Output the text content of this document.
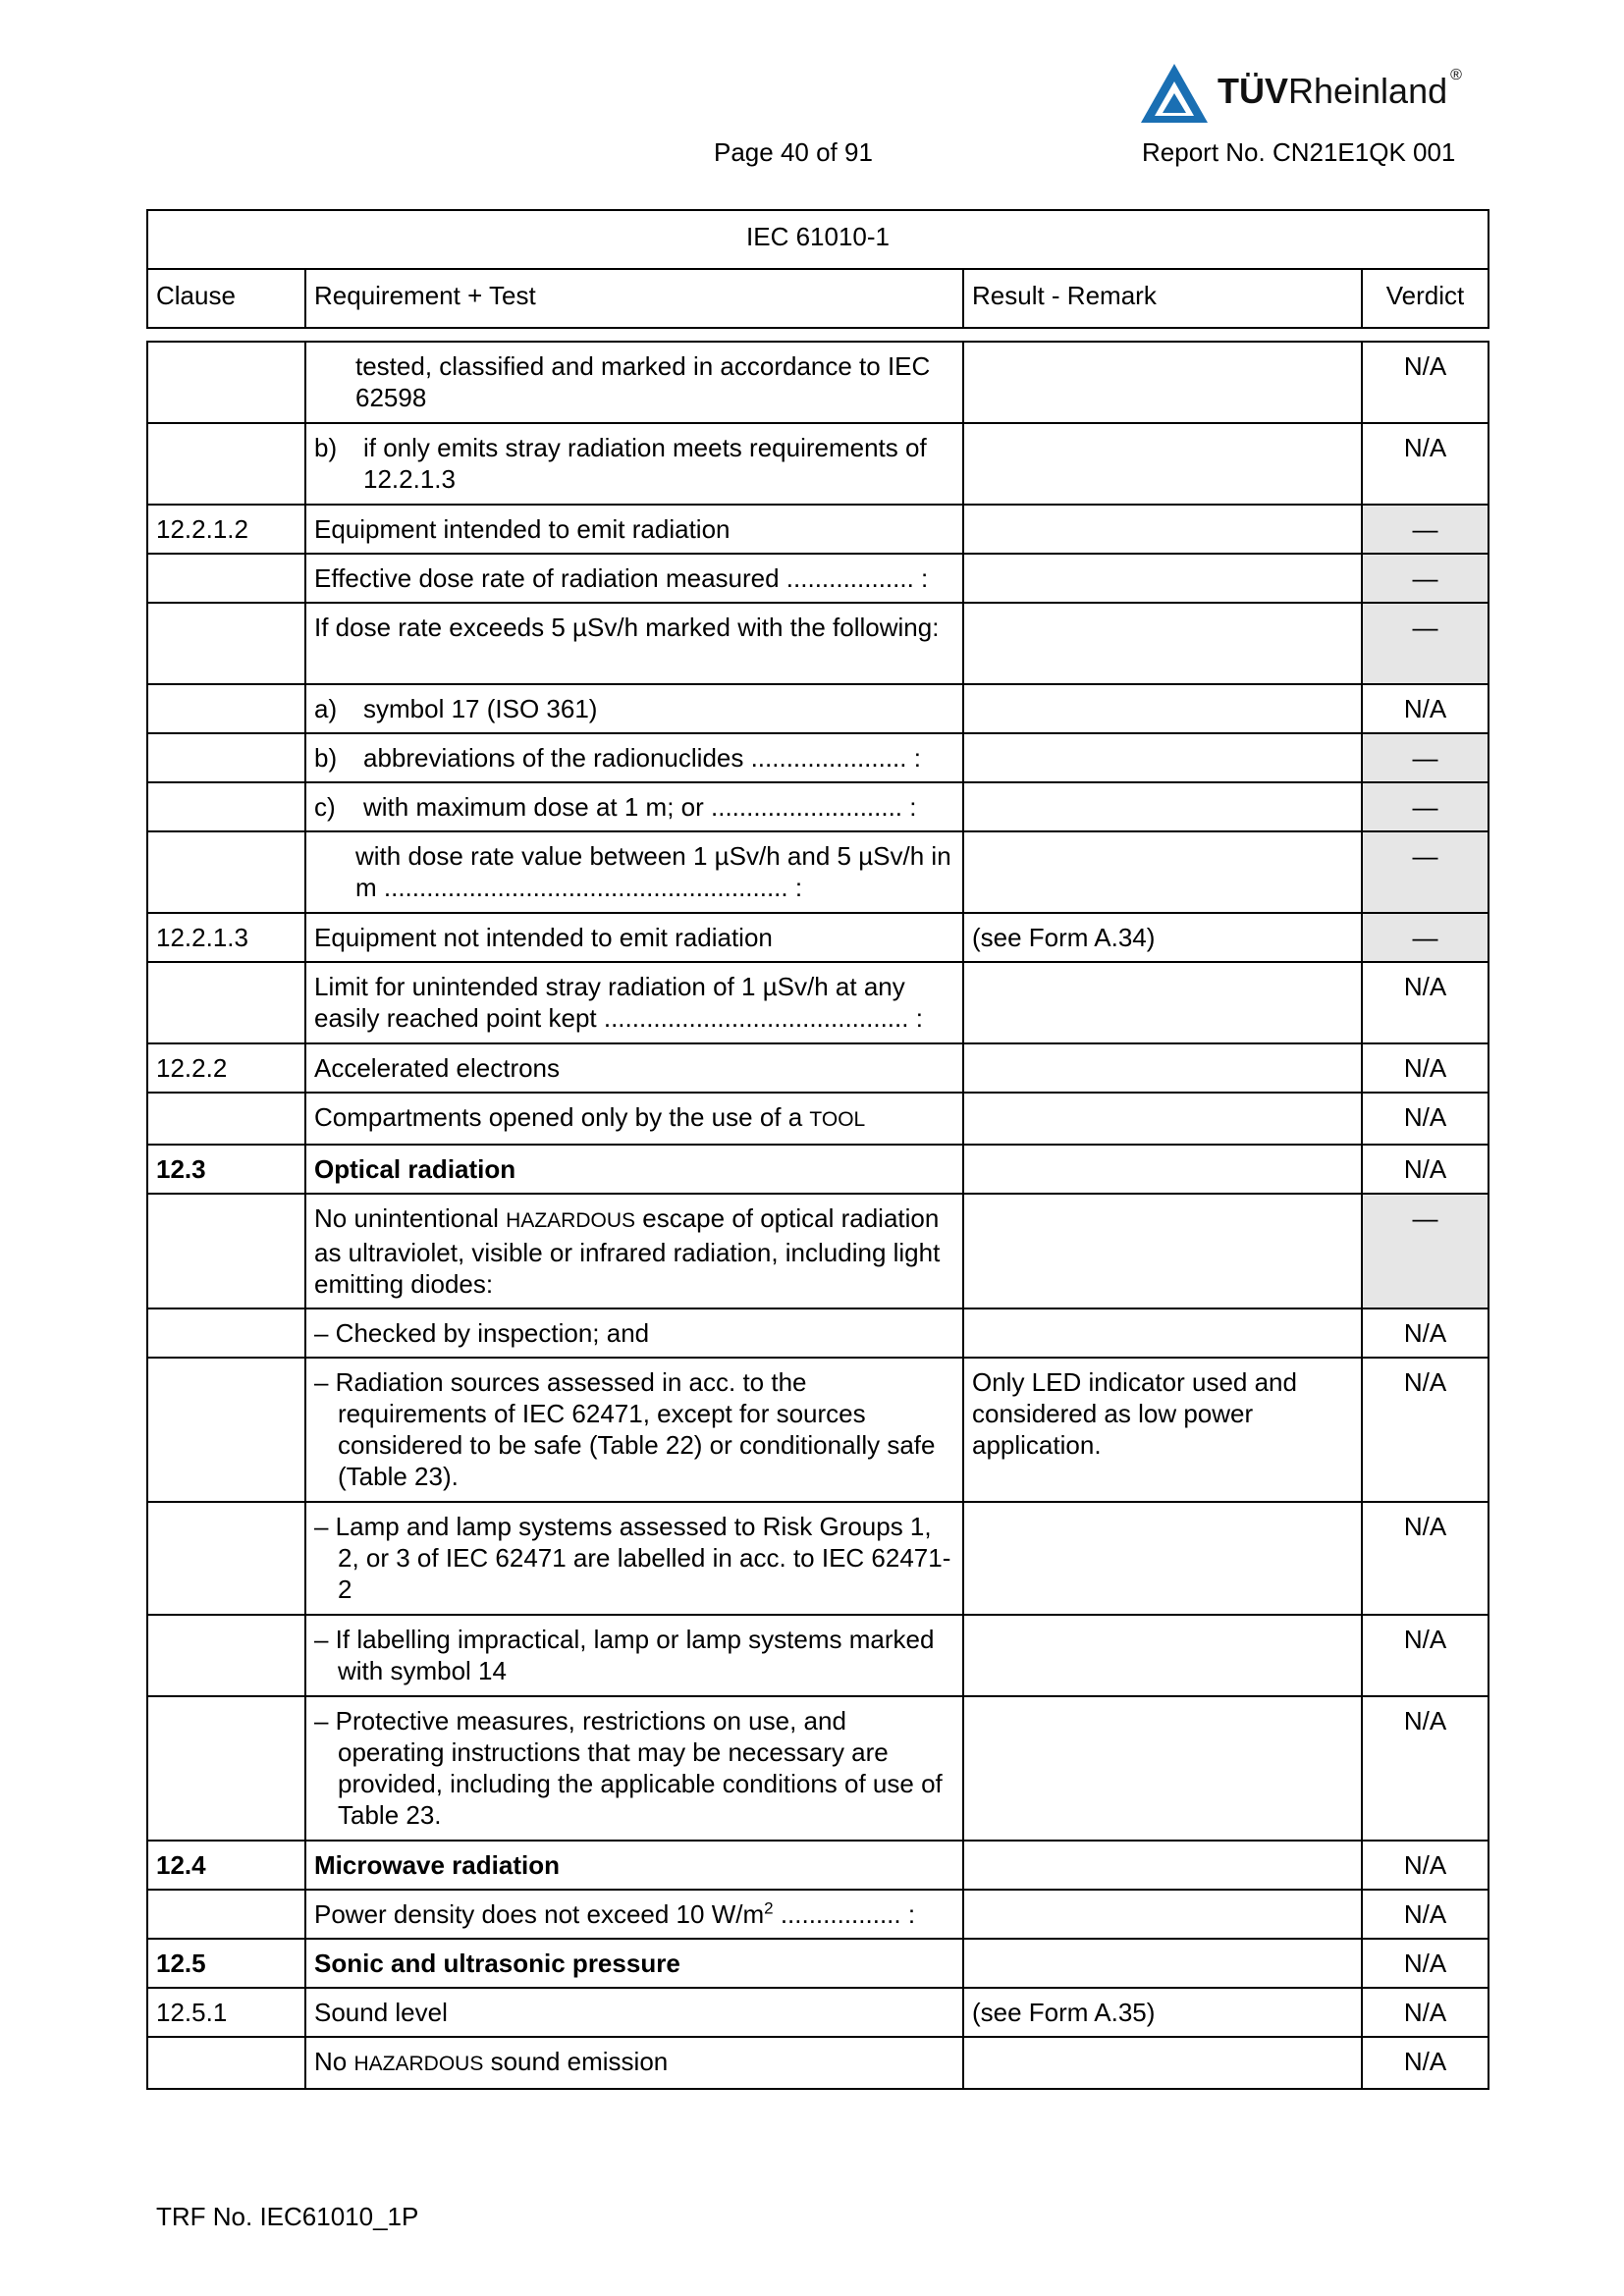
TÜVRheinland ®
Page 40 of 91	Report No. CN21E1QK 001
IEC 61010-1
Clause	Requirement + Test	Result - Remark	Verdict
	tested, classified and marked in accordance to IEC 62598		N/A

	b) if only emits stray radiation meets requirements of 12.2.1.3		N/A
12.2.1.2	Equipment intended to emit radiation		—
	Effective dose rate of radiation measured .................. :		—
	If dose rate exceeds 5 µSv/h marked with the following:		—

	a) symbol 17 (ISO 361)		N/A

	b) abbreviations of the radionuclides ...................... :		—

	c) with maximum dose at 1 m; or ........................... :		—
	with dose rate value between 1 µSv/h and 5 µSv/h in m ......................................................... :		—
12.2.1.3	Equipment not intended to emit radiation	(see Form A.34)	—
	Limit for unintended stray radiation of 1 µSv/h at any easily reached point kept ........................................... :		N/A
12.2.2	Accelerated electrons		N/A
	Compartments opened only by the use of a TOOL		N/A
12.3	Optical radiation		N/A
	No unintentional HAZARDOUS escape of optical radiation as ultraviolet, visible or infrared radiation, including light emitting diodes:		—

	– Checked by inspection; and		N/A

	– Radiation sources assessed in acc. to the requirements of IEC 62471, except for sources considered to be safe (Table 22) or conditionally safe (Table 23).	Only LED indicator used and considered as low power application.	N/A

	– Lamp and lamp systems assessed to Risk Groups 1, 2, or 3 of IEC 62471 are labelled in acc. to IEC 62471-2		N/A

	– If labelling impractical, lamp or lamp systems marked with symbol 14		N/A

	– Protective measures, restrictions on use, and operating instructions that may be necessary are provided, including the applicable conditions of use of Table 23.		N/A
12.4	Microwave radiation		N/A
	Power density does not exceed 10 $W/m^2$ ................. :		N/A
12.5	Sonic and ultrasonic pressure		N/A
12.5.1	Sound level	(see Form A.35)	N/A
	No HAZARDOUS sound emission		N/A
TRF No. IEC61010_1P
